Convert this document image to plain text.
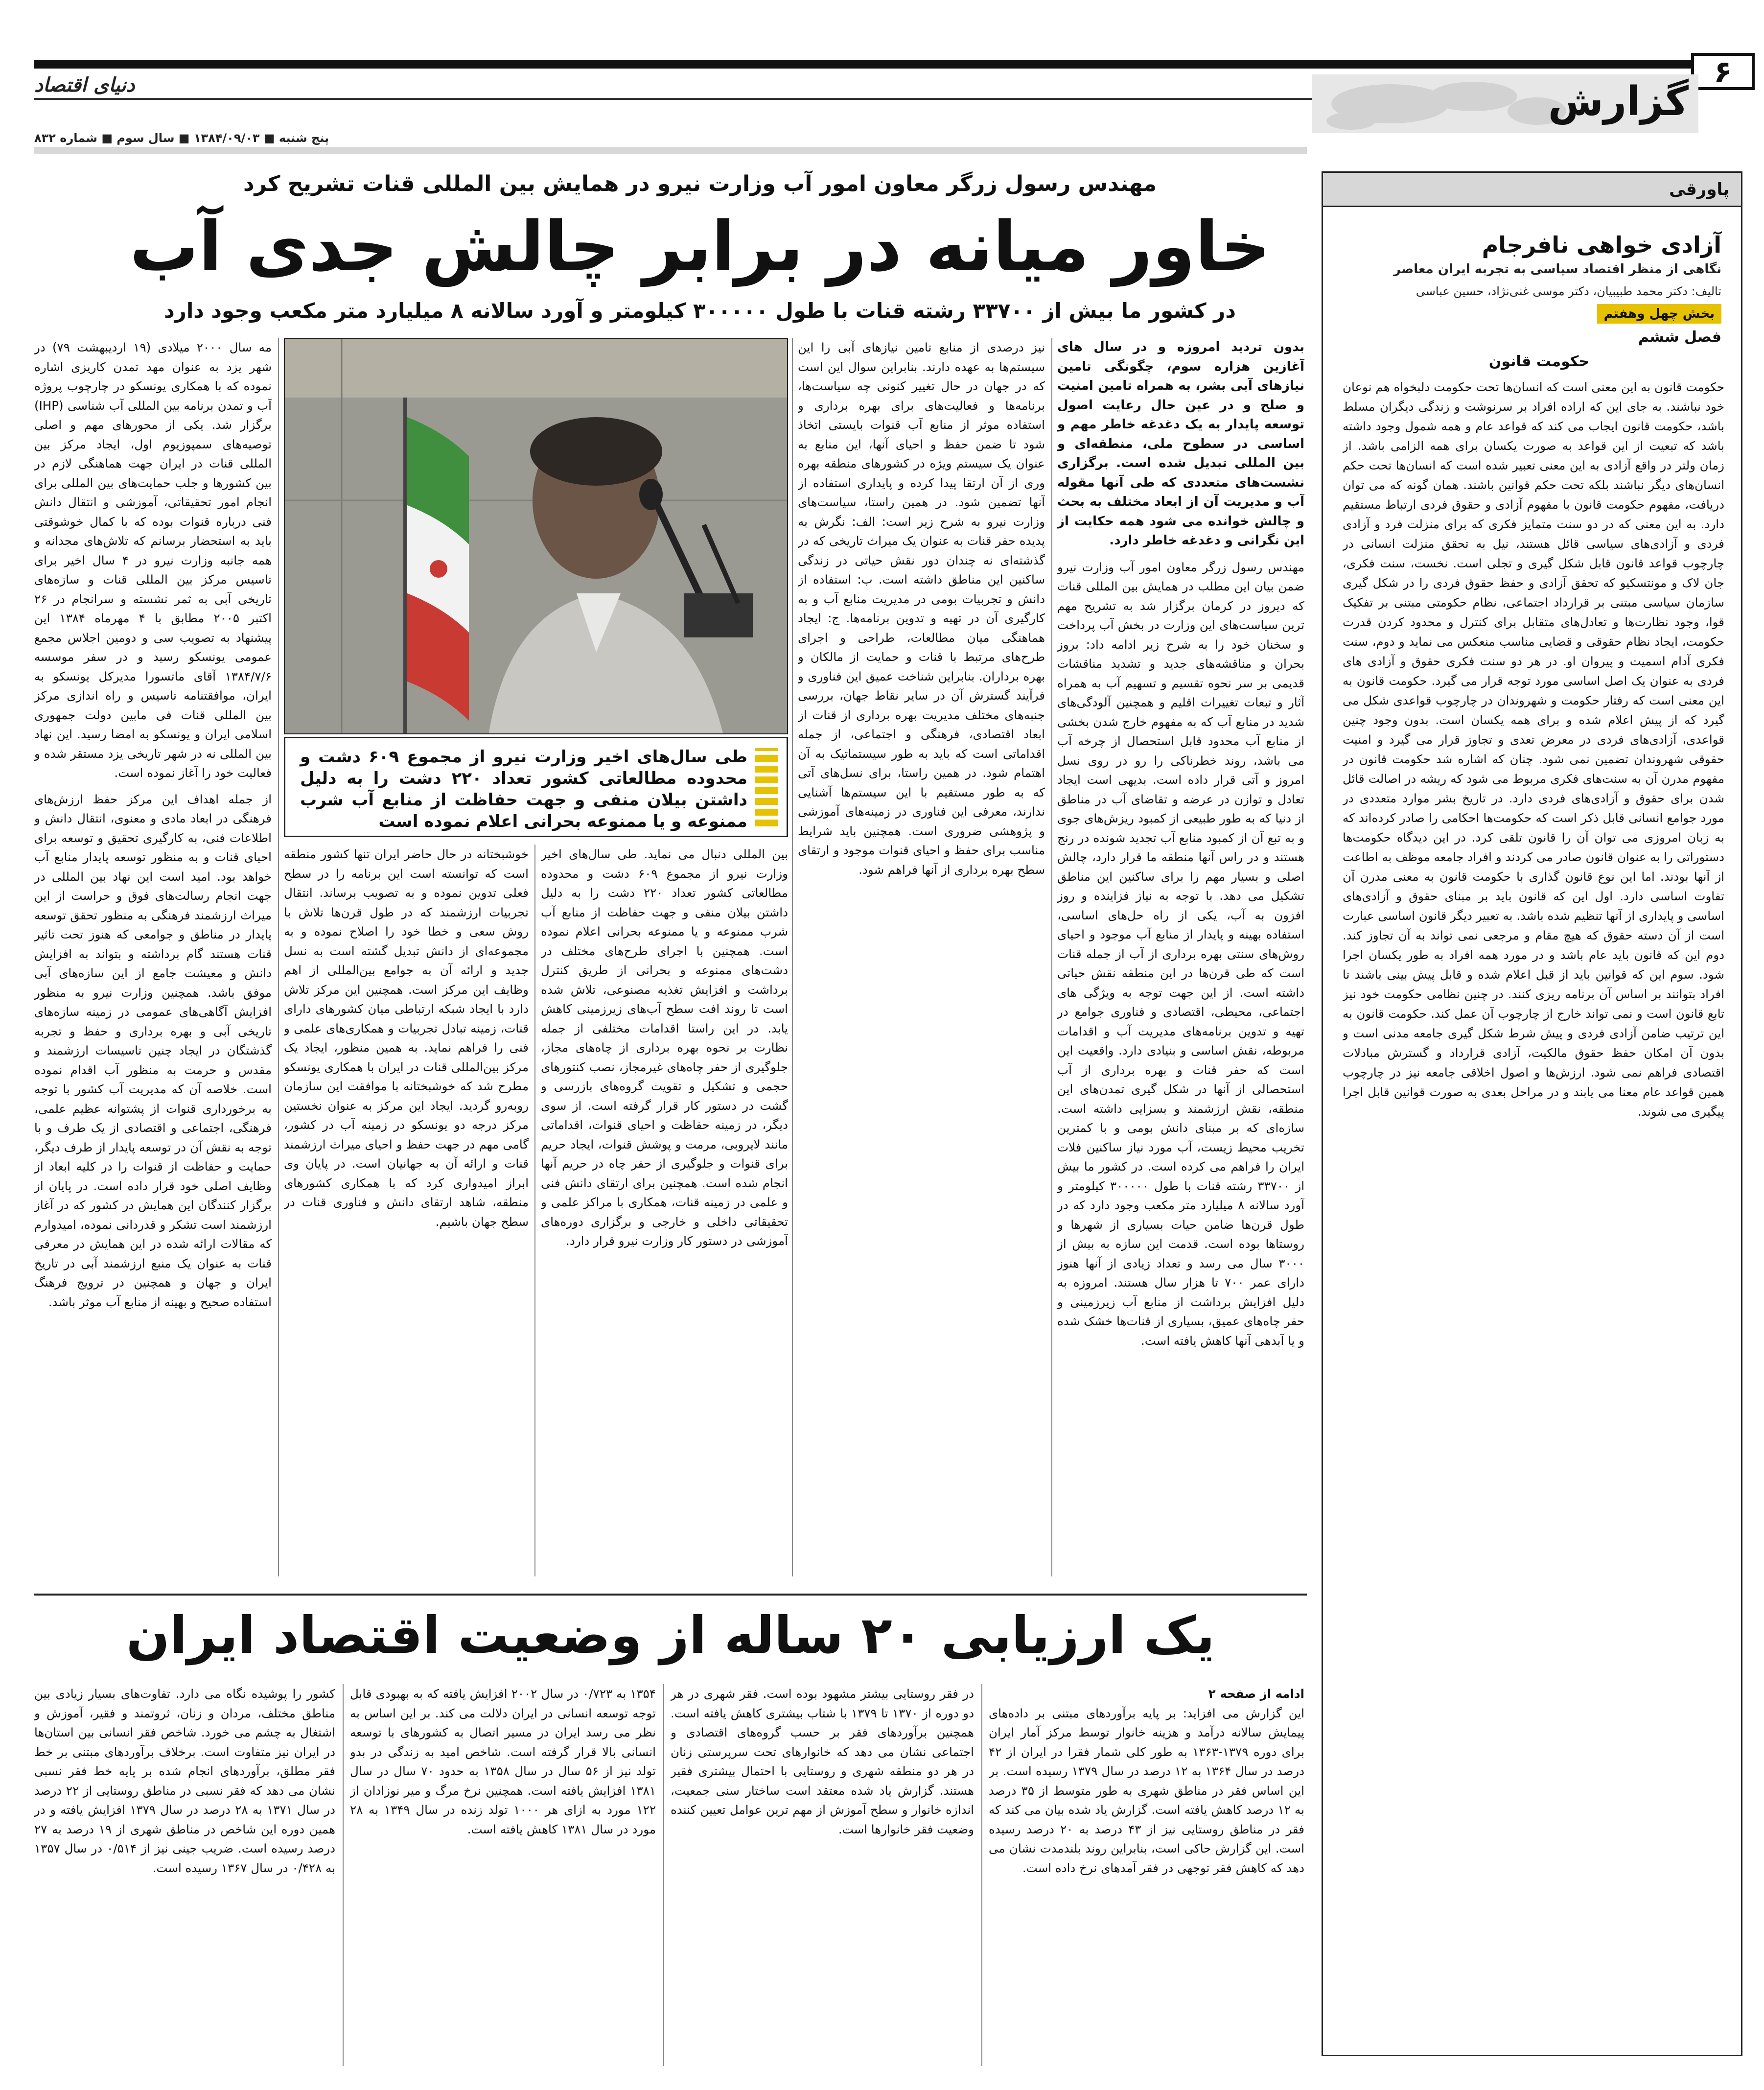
۶
دنیای اقتصاد	گزارش
پنج شنبه ■ ۱۳۸۴/۰۹/۰۳ ■ سال سوم ■ شماره ۸۳۲
پاورقی
آزادی خواهی نافرجام
نگاهی از منظر اقتصاد سیاسی به تجربه ایران معاصر
تالیف: دکتر محمد طبیبیان، دکتر موسی غنی‌نژاد، حسین عباسی
بخش چهل وهفتم
فصل ششم
حکومت قانون
حکومت قانون به این معنی است که انسان‌ها تحت حکومت دلبخواه هم نوعان خود نباشند. به جای این که اراده افراد بر سرنوشت و زندگی دیگران مسلط باشد، حکومت قانون ایجاب می کند که قواعد عام و همه شمول وجود داشته باشد که تبعیت از این قواعد به صورت یکسان برای همه الزامی باشد. از زمان ولتر در واقع آزادی به این معنی تعبیر شده است که انسان‌ها تحت حکم انسان‌های دیگر نباشند بلکه تحت حکم قوانین باشند. همان گونه که می توان دریافت، مفهوم حکومت قانون با مفهوم آزادی و حقوق فردی ارتباط مستقیم دارد. به این معنی که در دو سنت متمایز فکری که برای منزلت فرد و آزادی فردی و آزادی‌های سیاسی قائل هستند، نیل به تحقق منزلت انسانی در چارچوب قواعد قانون قابل شکل گیری و تجلی است. نخست، سنت فکری، جان لاک و مونتسکیو که تحقق آزادی و حفظ حقوق فردی را در شکل گیری سازمان سیاسی مبتنی بر قرارداد اجتماعی، نظام حکومتی مبتنی بر تفکیک قوا، وجود نظارت‌ها و تعادل‌های متقابل برای کنترل و محدود کردن قدرت حکومت، ایجاد نظام حقوقی و قضایی مناسب منعکس می نماید و دوم، سنت فکری آدام اسمیت و پیروان او. در هر دو سنت فکری حقوق و آزادی های فردی به عنوان یک اصل اساسی مورد توجه قرار می گیرد. حکومت قانون به این معنی است که رفتار حکومت و شهروندان در چارچوب قواعدی شکل می گیرد که از پیش اعلام شده و برای همه یکسان است. بدون وجود چنین قواعدی، آزادی‌های فردی در معرض تعدی و تجاوز قرار می گیرد و امنیت حقوقی شهروندان تضمین نمی شود. چنان که اشاره شد حکومت قانون در مفهوم مدرن آن به سنت‌های فکری مربوط می شود که ریشه در اصالت قائل شدن برای حقوق و آزادی‌های فردی دارد. در تاریخ بشر موارد متعددی در مورد جوامع انسانی قابل ذکر است که حکومت‌ها احکامی را صادر کرده‌اند که به زبان امروزی می توان آن را قانون تلقی کرد. در این دیدگاه حکومت‌ها دستوراتی را به عنوان قانون صادر می کردند و افراد جامعه موظف به اطاعت از آنها بودند. اما این نوع قانون گذاری با حکومت قانون به معنی مدرن آن تفاوت اساسی دارد. اول این که قانون باید بر مبنای حقوق و آزادی‌های اساسی و پایداری از آنها تنظیم شده باشد. به تعبیر دیگر قانون اساسی عبارت است از آن دسته حقوق که هیچ مقام و مرجعی نمی تواند به آن تجاوز کند. دوم این که قانون باید عام باشد و در مورد همه افراد به طور یکسان اجرا شود. سوم این که قوانین باید از قبل اعلام شده و قابل پیش بینی باشند تا افراد بتوانند بر اساس آن برنامه ریزی کنند. در چنین نظامی حکومت خود نیز تابع قانون است و نمی تواند خارج از چارچوب آن عمل کند. حکومت قانون به این ترتیب ضامن آزادی فردی و پیش شرط شکل گیری جامعه مدنی است و بدون آن امکان حفظ حقوق مالکیت، آزادی قرارداد و گسترش مبادلات اقتصادی فراهم نمی شود. ارزش‌ها و اصول اخلاقی جامعه نیز در چارچوب همین قواعد عام معنا می یابند و در مراحل بعدی به صورت قوانین قابل اجرا پیگیری می شوند.
مهندس رسول زرگر معاون امور آب وزارت نیرو در همایش بین المللی قنات تشریح کرد
خاور میانه در برابر چالش جدی آب
در کشور ما بیش از ۳۳۷۰۰ رشته قنات با طول ۳۰۰۰۰۰ کیلومتر و آورد سالانه ۸ میلیارد متر مکعب وجود دارد
بدون تردید امروزه و در سال های آغازین هزاره سوم، چگونگی تامین نیازهای آبی بشر، به همراه تامین امنیت و صلح و در عین حال رعایت اصول توسعه پایدار به یک دغدغه خاطر مهم و اساسی در سطوح ملی، منطقه‌ای و بین المللی تبدیل شده است. برگزاری نشست‌های متعددی که طی آنها مقوله آب و مدیریت آن از ابعاد مختلف به بحث و چالش خوانده می شود همه حکایت از این نگرانی و دغدغه خاطر دارد.
مهندس رسول زرگر معاون امور آب وزارت نیرو ضمن بیان این مطلب در همایش بین المللی قنات که دیروز در کرمان برگزار شد به تشریح مهم ترین سیاست‌های این وزارت در بخش آب پرداخت و سخنان خود را به شرح زیر ادامه داد: بروز بحران و مناقشه‌های جدید و تشدید مناقشات قدیمی بر سر نحوه تقسیم و تسهیم آب به همراه آثار و تبعات تغییرات اقلیم و همچنین آلودگی‌های شدید در منابع آب که به مفهوم خارج شدن بخشی از منابع آب محدود قابل استحصال از چرخه آب می باشد، روند خطرناکی را رو در روی نسل امروز و آتی قرار داده است. بدیهی است ایجاد تعادل و توازن در عرضه و تقاضای آب در مناطق از دنیا که به طور طبیعی از کمبود ریزش‌های جوی و به تبع آن از کمبود منابع آب تجدید شونده در رنج هستند و در راس آنها منطقه ما قرار دارد، چالش اصلی و بسیار مهم را برای ساکنین این مناطق تشکیل می دهد. با توجه به نیاز فزاینده و روز افزون به آب، یکی از راه حل‌های اساسی، استفاده بهینه و پایدار از منابع آب موجود و احیای روش‌های سنتی بهره برداری از آب از جمله قنات است که طی قرن‌ها در این منطقه نقش حیاتی داشته است. از این جهت توجه به ویژگی های اجتماعی، محیطی، اقتصادی و فناوری جوامع در تهیه و تدوین برنامه‌های مدیریت آب و اقدامات مربوطه، نقش اساسی و بنیادی دارد. واقعیت این است که حفر قنات و بهره برداری از آب استحصالی از آنها در شکل گیری تمدن‌های این منطقه، نقش ارزشمند و بسزایی داشته است. سازه‌ای که بر مبنای دانش بومی و با کمترین تخریب محیط زیست، آب مورد نیاز ساکنین فلات ایران را فراهم می کرده است. در کشور ما بیش از ۳۳۷۰۰ رشته قنات با طول ۳۰۰۰۰۰ کیلومتر و آورد سالانه ۸ میلیارد متر مکعب وجود دارد که در طول قرن‌ها ضامن حیات بسیاری از شهرها و روستاها بوده است. قدمت این سازه به بیش از ۳۰۰۰ سال می رسد و تعداد زیادی از آنها هنوز دارای عمر ۷۰۰ تا هزار سال هستند. امروزه به دلیل افزایش برداشت از منابع آب زیرزمینی و حفر چاه‌های عمیق، بسیاری از قنات‌ها خشک شده و یا آبدهی آنها کاهش یافته است.
نیز درصدی از منابع تامین نیازهای آبی را این سیستم‌ها به عهده دارند. بنابراین سوال این است که در جهان در حال تغییر کنونی چه سیاست‌ها، برنامه‌ها و فعالیت‌های برای بهره برداری و استفاده موثر از منابع آب قنوات بایستی اتخاذ شود تا ضمن حفظ و احیای آنها، این منابع به عنوان یک سیستم ویژه در کشورهای منطقه بهره وری از آن ارتقا پیدا کرده و پایداری استفاده از آنها تضمین شود. در همین راستا، سیاست‌های وزارت نیرو به شرح زیر است: الف: نگرش به پدیده حفر قنات به عنوان یک میراث تاریخی که در گذشته‌ای نه چندان دور نقش حیاتی در زندگی ساکنین این مناطق داشته است. ب: استفاده از دانش و تجربیات بومی در مدیریت منابع آب و به کارگیری آن در تهیه و تدوین برنامه‌ها. ج: ایجاد هماهنگی میان مطالعات، طراحی و اجرای طرح‌های مرتبط با قنات و حمایت از مالکان و بهره برداران. بنابراین شناخت عمیق این فناوری و فرآیند گسترش آن در سایر نقاط جهان، بررسی جنبه‌های مختلف مدیریت بهره برداری از قنات از ابعاد اقتصادی، فرهنگی و اجتماعی، از جمله اقداماتی است که باید به طور سیستماتیک به آن اهتمام شود. در همین راستا، برای نسل‌های آتی که به طور مستقیم با این سیستم‌ها آشنایی ندارند، معرفی این فناوری در زمینه‌های آموزشی و پژوهشی ضروری است. همچنین باید شرایط مناسب برای حفظ و احیای قنوات موجود و ارتقای سطح بهره برداری از آنها فراهم شود.
طی سال‌های اخیر وزارت نیرو از مجموع ۶۰۹ دشت و محدوده مطالعاتی کشور تعداد ۲۲۰ دشت را به دلیل داشتن بیلان منفی و جهت حفاظت از منابع آب شرب ممنوعه و یا ممنوعه بحرانی اعلام نموده است
بین المللی دنبال می نماید. طی سال‌های اخیر وزارت نیرو از مجموع ۶۰۹ دشت و محدوده مطالعاتی کشور تعداد ۲۲۰ دشت را به دلیل داشتن بیلان منفی و جهت حفاظت از منابع آب شرب ممنوعه و یا ممنوعه بحرانی اعلام نموده است. همچنین با اجرای طرح‌های مختلف در دشت‌های ممنوعه و بحرانی از طریق کنترل برداشت و افزایش تغذیه مصنوعی، تلاش شده است تا روند افت سطح آب‌های زیرزمینی کاهش یابد. در این راستا اقدامات مختلفی از جمله نظارت بر نحوه بهره برداری از چاه‌های مجاز، جلوگیری از حفر چاه‌های غیرمجاز، نصب کنتورهای حجمی و تشکیل و تقویت گروه‌های بازرسی و گشت در دستور کار قرار گرفته است. از سوی دیگر، در زمینه حفاظت و احیای قنوات، اقداماتی مانند لایروبی، مرمت و پوشش قنوات، ایجاد حریم برای قنوات و جلوگیری از حفر چاه در حریم آنها انجام شده است. همچنین برای ارتقای دانش فنی و علمی در زمینه قنات، همکاری با مراکز علمی و تحقیقاتی داخلی و خارجی و برگزاری دوره‌های آموزشی در دستور کار وزارت نیرو قرار دارد.
خوشبختانه در حال حاضر ایران تنها کشور منطقه است که توانسته است این برنامه را در سطح فعلی تدوین نموده و به تصویب برساند. انتقال تجربیات ارزشمند که در طول قرن‌ها تلاش با روش سعی و خطا خود را اصلاح نموده و به مجموعه‌ای از دانش تبدیل گشته است به نسل جدید و ارائه آن به جوامع بین‌المللی از اهم وظایف این مرکز است. همچنین این مرکز تلاش دارد با ایجاد شبکه ارتباطی میان کشورهای دارای قنات، زمینه تبادل تجربیات و همکاری‌های علمی و فنی را فراهم نماید. به همین منظور، ایجاد یک مرکز بین‌المللی قنات در ایران با همکاری یونسکو مطرح شد که خوشبختانه با موافقت این سازمان روبه‌رو گردید. ایجاد این مرکز به عنوان نخستین مرکز درجه دو یونسکو در زمینه آب در کشور، گامی مهم در جهت حفظ و احیای میراث ارزشمند قنات و ارائه آن به جهانیان است. در پایان وی ابراز امیدواری کرد که با همکاری کشورهای منطقه، شاهد ارتقای دانش و فناوری قنات در سطح جهان باشیم.
مه سال ۲۰۰۰ میلادی (۱۹ اردیبهشت ۷۹) در شهر یزد به عنوان مهد تمدن کاریزی اشاره نموده که با همکاری یونسکو در چارچوب پروژه آب و تمدن برنامه بین المللی آب شناسی (IHP) برگزار شد. یکی از محورهای مهم و اصلی توصیه‌های سمپوزیوم اول، ایجاد مرکز بین المللی قنات در ایران جهت هماهنگی لازم در بین کشورها و جلب حمایت‌های بین المللی برای انجام امور تحقیقاتی، آموزشی و انتقال دانش فنی درباره قنوات بوده که با کمال خوشوقتی باید به استحضار برسانم که تلاش‌های مجدانه و همه جانبه وزارت نیرو در ۴ سال اخیر برای تاسیس مرکز بین المللی قنات و سازه‌های تاریخی آبی به ثمر نشسته و سرانجام در ۲۶ اکتبر ۲۰۰۵ مطابق با ۴ مهرماه ۱۳۸۴ این پیشنهاد به تصویب سی و دومین اجلاس مجمع عمومی یونسکو رسید و در سفر موسسه ۱۳۸۴/۷/۶ آقای ماتسورا مدیرکل یونسکو به ایران، موافقتنامه تاسیس و راه اندازی مرکز بین المللی قنات فی مابین دولت جمهوری اسلامی ایران و یونسکو به امضا رسید. این نهاد بین المللی نه در شهر تاریخی یزد مستقر شده و فعالیت خود را آغاز نموده است.
از جمله اهداف این مرکز حفظ ارزش‌های فرهنگی در ابعاد مادی و معنوی، انتقال دانش و اطلاعات فنی، به کارگیری تحقیق و توسعه برای احیای قنات و به منظور توسعه پایدار منابع آب خواهد بود. امید است این نهاد بین المللی در جهت انجام رسالت‌های فوق و حراست از این میراث ارزشمند فرهنگی به منظور تحقق توسعه پایدار در مناطق و جوامعی که هنوز تحت تاثیر قنات هستند گام برداشته و بتواند به افزایش دانش و معیشت جامع از این سازه‌های آبی موفق باشد. همچنین وزارت نیرو به منظور افزایش آگاهی‌های عمومی در زمینه سازه‌های تاریخی آبی و بهره برداری و حفظ و تجربه گذشتگان در ایجاد چنین تاسیسات ارزشمند و مقدس و حرمت به منظور آب اقدام نموده است. خلاصه آن که مدیریت آب کشور با توجه به برخورداری قنوات از پشتوانه عظیم علمی، فرهنگی، اجتماعی و اقتصادی از یک طرف و با توجه به نقش آن در توسعه پایدار از طرف دیگر، حمایت و حفاظت از قنوات را در کلیه ابعاد از وظایف اصلی خود قرار داده است. در پایان از برگزار کنندگان این همایش در کشور که در آغاز ارزشمند است تشکر و قدردانی نموده، امیدوارم که مقالات ارائه شده در این همایش در معرفی قنات به عنوان یک منبع ارزشمند آبی در تاریخ ایران و جهان و همچنین در ترویج فرهنگ استفاده صحیح و بهینه از منابع آب موثر باشد.
یک ارزیابی ۲۰ ساله از وضعیت اقتصاد ایران
ادامه از صفحه ۲
این گزارش می افزاید: بر پایه برآوردهای مبتنی بر داده‌های پیمایش سالانه درآمد و هزینه خانوار توسط مرکز آمار ایران برای دوره ۱۳۷۹-۱۳۶۳ به طور کلی شمار فقرا در ایران از ۴۲ درصد در سال ۱۳۶۴ به ۱۲ درصد در سال ۱۳۷۹ رسیده است. بر این اساس فقر در مناطق شهری به طور متوسط از ۳۵ درصد به ۱۲ درصد کاهش یافته است. گزارش یاد شده بیان می کند که فقر در مناطق روستایی نیز از ۴۳ درصد به ۲۰ درصد رسیده است. این گزارش حاکی است، بنابراین روند بلندمدت نشان می دهد که کاهش فقر توجهی در فقر آمدهای نرخ داده است.
در فقر روستایی بیشتر مشهود بوده است. فقر شهری در هر دو دوره از ۱۳۷۰ تا ۱۳۷۹ با شتاب بیشتری کاهش یافته است. همچنین برآوردهای فقر بر حسب گروه‌های اقتصادی و اجتماعی نشان می دهد که خانوارهای تحت سرپرستی زنان در هر دو منطقه شهری و روستایی با احتمال بیشتری فقیر هستند. گزارش یاد شده معتقد است ساختار سنی جمعیت، اندازه خانوار و سطح آموزش از مهم ترین عوامل تعیین کننده وضعیت فقر خانوارها است.
۱۳۵۴ به ۰/۷۲۳ در سال ۲۰۰۲ افزایش یافته که به بهبودی قابل توجه توسعه انسانی در ایران دلالت می کند. بر این اساس به نظر می رسد ایران در مسیر اتصال به کشورهای با توسعه انسانی بالا قرار گرفته است. شاخص امید به زندگی در بدو تولد نیز از ۵۶ سال در سال ۱۳۵۸ به حدود ۷۰ سال در سال ۱۳۸۱ افزایش یافته است. همچنین نرخ مرگ و میر نوزادان از ۱۲۲ مورد به ازای هر ۱۰۰۰ تولد زنده در سال ۱۳۴۹ به ۲۸ مورد در سال ۱۳۸۱ کاهش یافته است.
کشور را پوشیده نگاه می دارد. تفاوت‌های بسیار زیادی بین مناطق مختلف، مردان و زنان، ثروتمند و فقیر، آموزش و اشتغال به چشم می خورد. شاخص فقر انسانی بین استان‌ها در ایران نیز متفاوت است. برخلاف برآوردهای مبتنی بر خط فقر مطلق، برآوردهای انجام شده بر پایه خط فقر نسبی نشان می دهد که فقر نسبی در مناطق روستایی از ۲۲ درصد در سال ۱۳۷۱ به ۲۸ درصد در سال ۱۳۷۹ افزایش یافته و در همین دوره این شاخص در مناطق شهری از ۱۹ درصد به ۲۷ درصد رسیده است. ضریب جینی نیز از ۰/۵۱۴ در سال ۱۳۵۷ به ۰/۴۲۸ در سال ۱۳۶۷ رسیده است.
